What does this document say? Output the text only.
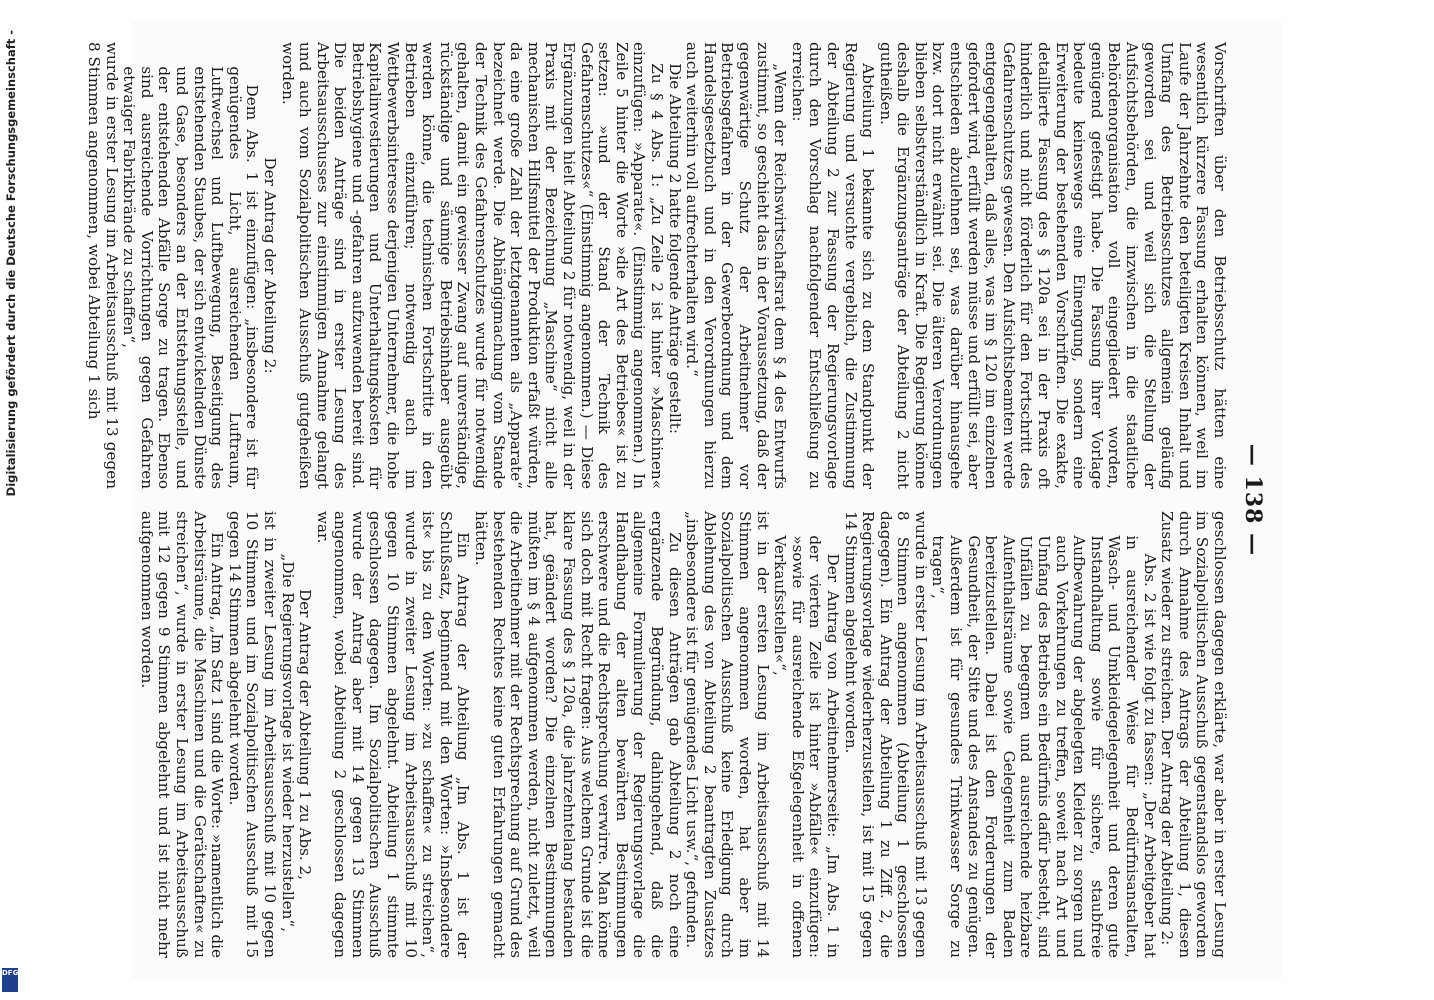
Digitalisierung gefördert durch die Deutsche Forschungsgemeinschaft -
DFG
— 138 —

Vorschriften über den Betriebsschutz hätten eine wesentlich kürzere Fassung erhalten können, weil im Laufe der Jahrzehnte den beteiligten Kreisen Inhalt und Umfang des Betriebsschutzes allgemein geläufig geworden sei und weil sich die Stellung der Aufsichtsbehörden, die inzwischen in die staatliche Behördenorganisation voll eingegliedert worden, genügend gefestigt habe. Die Fassung ihrer Vorlage bedeute keineswegs eine Einengung, sondern eine Erweiterung der bestehenden Vorschriften. Die exakte, detaillierte Fassung des § 120a sei in der Praxis oft hinderlich und nicht förderlich für den Fortschritt des Gefahrenschutzes gewesen. Den Aufsichtsbeamten werde entgegengehalten, daß alles, was im § 120 im einzelnen gefordert wird, erfüllt werden müsse und erfüllt sei, aber entschieden abzulehnen sei, was darüber hinausgehe bzw. dort nicht erwähnt sei. Die älteren Verordnungen blieben selbstverständlich in Kraft. Die Regierung könne deshalb die Ergänzungsanträge der Abteilung 2 nicht gutheißen.

Abteilung 1 bekannte sich zu dem Standpunkt der Regierung und versuchte vergeblich, die Zustimmung der Abteilung 2 zur Fassung der Regierungsvorlage durch den Vorschlag nachfolgender Entschließung zu erreichen:

„Wenn der Reichswirtschaftsrat dem § 4 des Entwurfs zustimmt, so geschieht das in der Voraussetzung, daß der gegenwärtige Schutz der Arbeitnehmer vor Betriebsgefahren in der Gewerbeordnung und dem Handelsgesetzbuch und in den Verordnungen hierzu auch weiterhin voll aufrechterhalten wird.“

Die Abteilung 2 hatte folgende Anträge gestellt:

Zu § 4 Abs. 1: „Zu Zeile 2 ist hinter »Maschinen« einzufügen: »Apparate«. (Einstimmig angenommen.) In Zeile 5 hinter die Worte »die Art des Betriebes« ist zu setzen: »und der Stand der Technik des Gefahrenschutzes«“ (Einstimmig angenommen.) — Diese Ergänzungen hielt Abteilung 2 für notwendig, weil in der Praxis mit der Bezeichnung „Maschine“ nicht alle mechanischen Hilfsmittel der Produktion erfaßt würden, da eine große Zahl der letztgenannten als „Apparate“ bezeichnet werde. Die Abhängigmachung vom Stande der Technik des Gefahrenschutzes wurde für notwendig gehalten, damit ein gewisser Zwang auf unverständige, rückständige und säumige Betriebsinhaber ausgeübt werden könne, die technischen Fortschritte in den Betrieben einzuführen; notwendig auch im Wettbewerbsinteresse derjenigen Unternehmer, die hohe Kapitalinvestierungen und Unterhaltungskosten für Betriebshygiene und -gefahren aufzuwenden bereit sind. Die beiden Anträge sind in erster Lesung des Arbeitsausschusses zur einstimmigen Annahme gelangt und auch vom Sozialpolitischen Ausschuß gutgeheißen worden.

Der Antrag der Abteilung 2:

Dem Abs. 1 ist einzufügen: „insbesondere ist für genügendes Licht, ausreichenden Luftraum, Luftwechsel und Luftbewegung, Beseitigung des entstehenden Staubes, der sich entwickelnden Dünste und Gase, besonders an der Entstehungsstelle, und der entstehenden Abfälle Sorge zu tragen. Ebenso sind ausreichende Vorrichtungen gegen Gefahren etwaiger Fabrikbrände zu schaffen“,

wurde in erster Lesung im Arbeitsausschuß mit 13 gegen 8 Stimmen angenommen, wobei Abteilung 1 sich

geschlossen dagegen erklärte, war aber in erster Lesung im Sozialpolitischen Ausschuß gegenstandslos geworden durch Annahme des Antrags der Abteilung 1, diesen Zusatz wieder zu streichen. Der Antrag der Abteilung 2:

Abs. 2 ist wie folgt zu fassen: „Der Arbeitgeber hat in ausreichender Weise für Bedürfnisanstalten, Wasch- und Umkleidegelegenheit und deren gute Instandhaltung sowie für sichere, staubfreie Aufbewahrung der abgelegten Kleider zu sorgen und auch Vorkehrungen zu treffen, soweit nach Art und Umfang des Betriebs ein Bedürfnis dafür besteht, sind Unfällen zu begegnen und ausreichende heizbare Aufenthaltsräume sowie Gelegenheit zum Baden bereitzustellen. Dabei ist den Forderungen der Gesundheit, der Sitte und des Anstandes zu genügen. Außerdem ist für gesundes Trinkwasser Sorge zu tragen“,

wurde in erster Lesung im Arbeitsausschuß mit 13 gegen 8 Stimmen angenommen (Abteilung 1 geschlossen dagegen). Ein Antrag der Abteilung 1 zu Ziff. 2, die Regierungsvorlage wiederherzustellen, ist mit 15 gegen 14 Stimmen abgelehnt worden.

Der Antrag von Arbeitnehmerseite: „Im Abs. 1 in der vierten Zeile ist hinter »Abfälle« einzufügen: »sowie für ausreichende Eßgelegenheit in offenen Verkaufsstellen«“,

ist in der ersten Lesung im Arbeitsausschuß mit 14 Stimmen angenommen worden, hat aber im Sozialpolitischen Ausschuß keine Erledigung durch Ablehnung des von Abteilung 2 beantragten Zusatzes „insbesondere ist für genügendes Licht usw.“, gefunden.

Zu diesen Anträgen gab Abteilung 2 noch eine ergänzende Begründung, dahingehend, daß die allgemeine Formulierung der Regierungsvorlage die Handhabung der alten bewährten Bestimmungen erschwere und die Rechtsprechung verwirre. Man könne sich doch mit Recht fragen: Aus welchem Grunde ist die klare Fassung des § 120a, die jahrzehntelang bestanden hat, geändert worden? Die einzelnen Bestimmungen müßten im § 4 aufgenommen werden, nicht zuletzt, weil die Arbeitnehmer mit der Rechtsprechung auf Grund des bestehenden Rechtes keine guten Erfahrungen gemacht hätten.

Ein Antrag der Abteilung „Im Abs. 1 ist der Schlußsatz, beginnend mit den Worten: »Insbesondere ist« bis zu den Worten: »zu schaffen« zu streichen“, wurde in zweiter Lesung im Arbeitsausschuß mit 10 gegen 10 Stimmen abgelehnt. Abteilung 1 stimmte geschlossen dagegen. Im Sozialpolitischen Ausschuß wurde der Antrag aber mit 14 gegen 13 Stimmen angenommen, wobei Abteilung 2 geschlossen dagegen war.

Der Antrag der Abteilung 1 zu Abs. 2,

„Die Regierungsvorlage ist wieder herzustellen“,

ist in zweiter Lesung im Arbeitsausschuß mit 10 gegen 10 Stimmen und im Sozialpolitischen Ausschuß mit 15 gegen 14 Stimmen abgelehnt worden.

Ein Antrag, „Im Satz 1 sind die Worte: »namentlich die Arbeitsräume, die Maschinen und die Gerätschaften« zu streichen“, wurde in erster Lesung im Arbeitsausschuß mit 12 gegen 9 Stimmen abgelehnt und ist nicht mehr aufgenommen worden.
